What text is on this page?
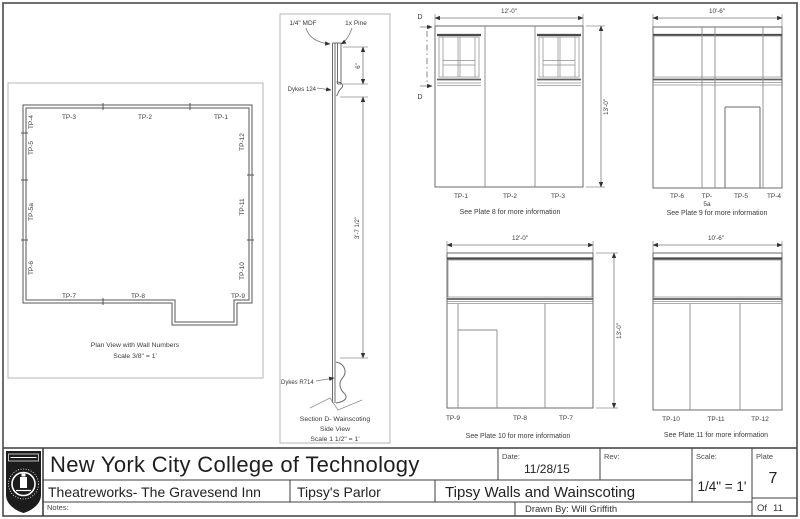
TP-3	TP-2	TP-1
TP-7	TP-8	TP-9
TP-4
TP-5
TP-5a
TP-6
TP-12
TP-11
TP-10
Plan View with Wall Numbers
Scale 3/8" = 1'
6"
3'-7 1/2"
1/4" MDF	1x Pine
Dykes 124
Dykes R714
Section D- Wainscoting
Side View
Scale 1 1/2" = 1'
12'-0"
D
D
13'-0"
TP-1	TP-2	TP-3
See Plate 8 for more information
10'-6"
TP-6	TP-
5a
TP-5	TP-4
See Plate 9 for more information
12'-0"
13'-0"
TP-9	TP-8	TP-7
See Plate 10 for more information
10'-6"
TP-10	TP-11	TP-12
See Plate 11 for more information
New York City College of Technology	Date:
11/28/15
Rev:	Scale:
1/4" = 1'
Plate
7
Of 11
Theatreworks- The Gravesend Inn	Tipsy's Parlor	Tipsy Walls and Wainscoting
Notes:	Drawn By: Will Griffith
